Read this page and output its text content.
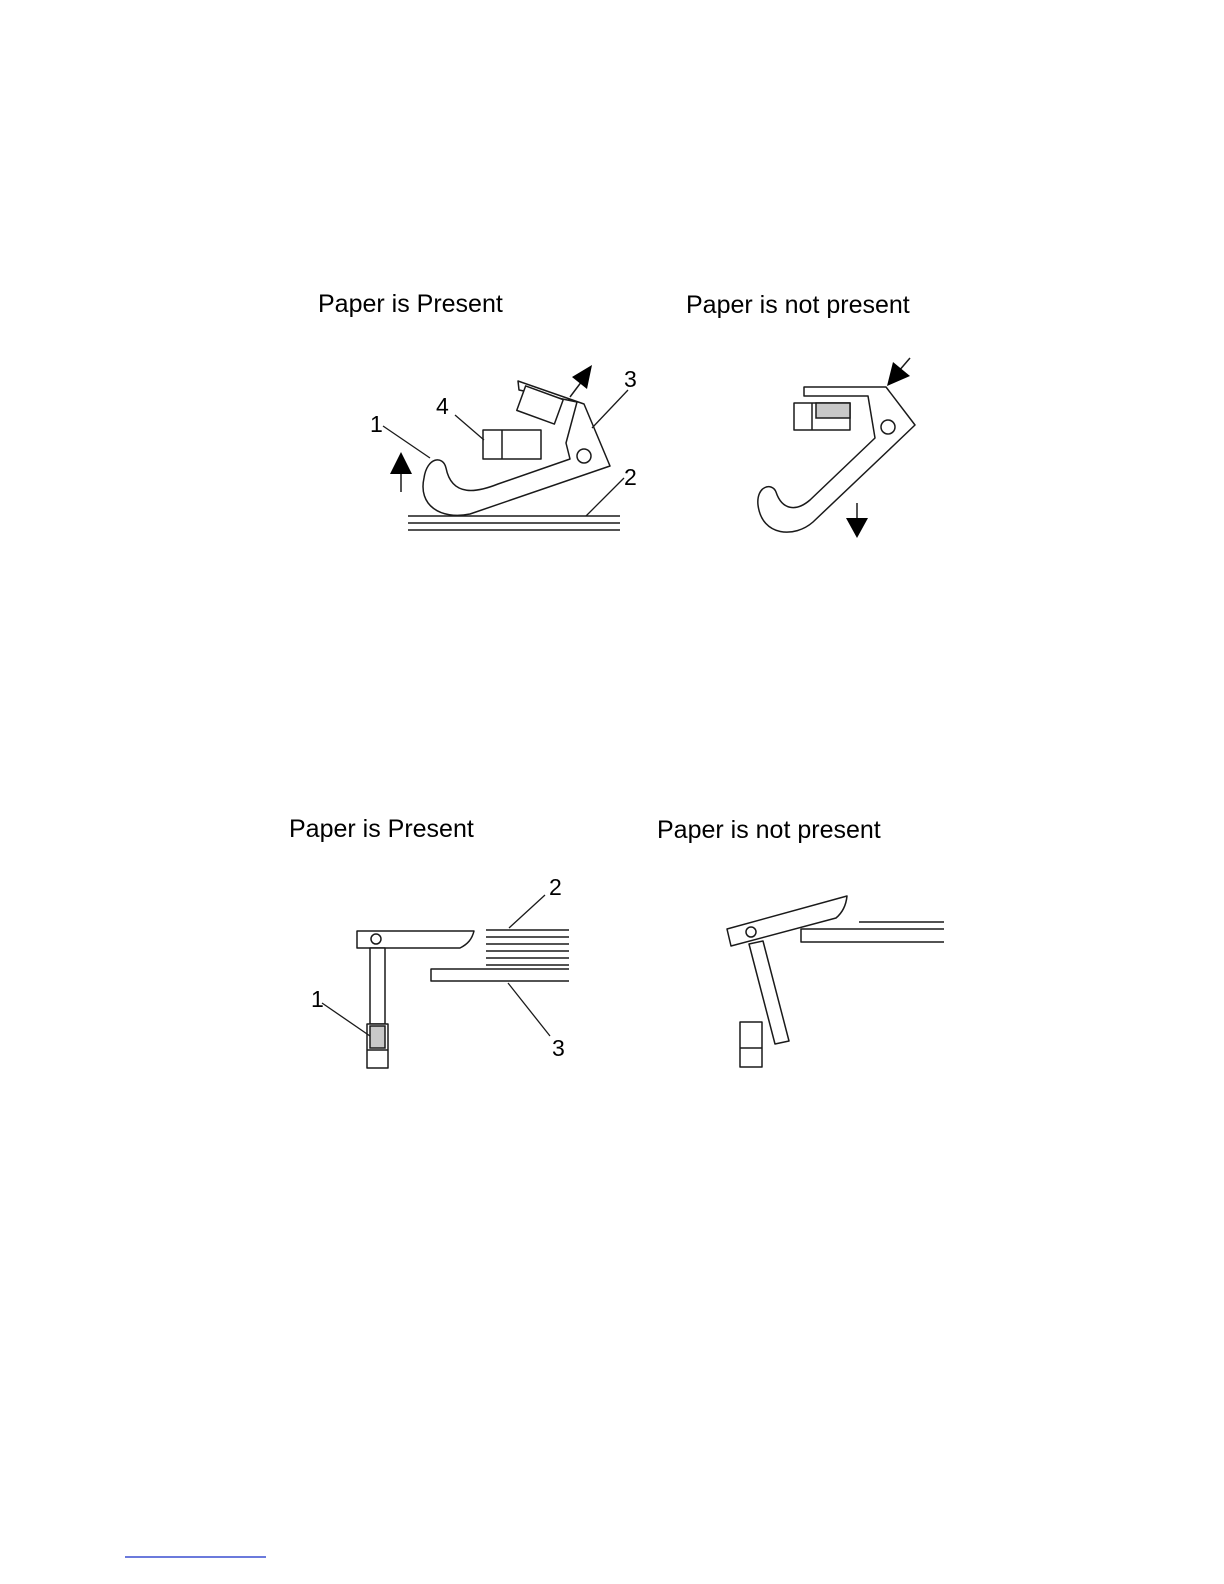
Paper is Present
1
2
3
4
Paper is not present
Paper is Present
1
2
3
Paper is not present
